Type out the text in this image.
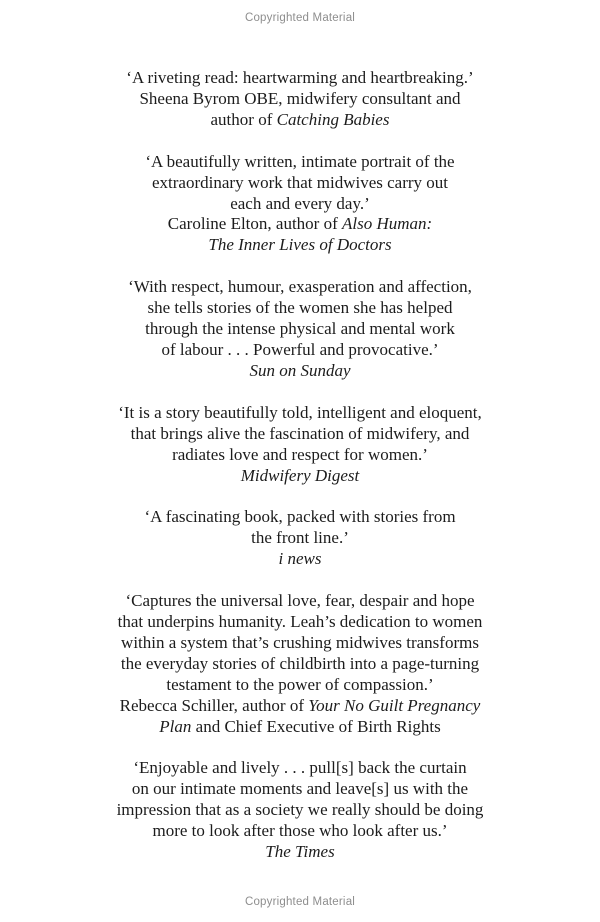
Copyrighted Material
‘A riveting read: heartwarming and heartbreaking.’
Sheena Byrom OBE, midwifery consultant and
author of Catching Babies
‘A beautifully written, intimate portrait of the
extraordinary work that midwives carry out
each and every day.’
Caroline Elton, author of Also Human:
The Inner Lives of Doctors
‘With respect, humour, exasperation and affection,
she tells stories of the women she has helped
through the intense physical and mental work
of labour . . . Powerful and provocative.’
Sun on Sunday
‘It is a story beautifully told, intelligent and eloquent,
that brings alive the fascination of midwifery, and
radiates love and respect for women.’
Midwifery Digest
‘A fascinating book, packed with stories from
the front line.’
i news
‘Captures the universal love, fear, despair and hope
that underpins humanity. Leah’s dedication to women
within a system that’s crushing midwives transforms
the everyday stories of childbirth into a page-turning
testament to the power of compassion.’
Rebecca Schiller, author of Your No Guilt Pregnancy
Plan and Chief Executive of Birth Rights
‘Enjoyable and lively . . . pull[s] back the curtain
on our intimate moments and leave[s] us with the
impression that as a society we really should be doing
more to look after those who look after us.’
The Times
Copyrighted Material
